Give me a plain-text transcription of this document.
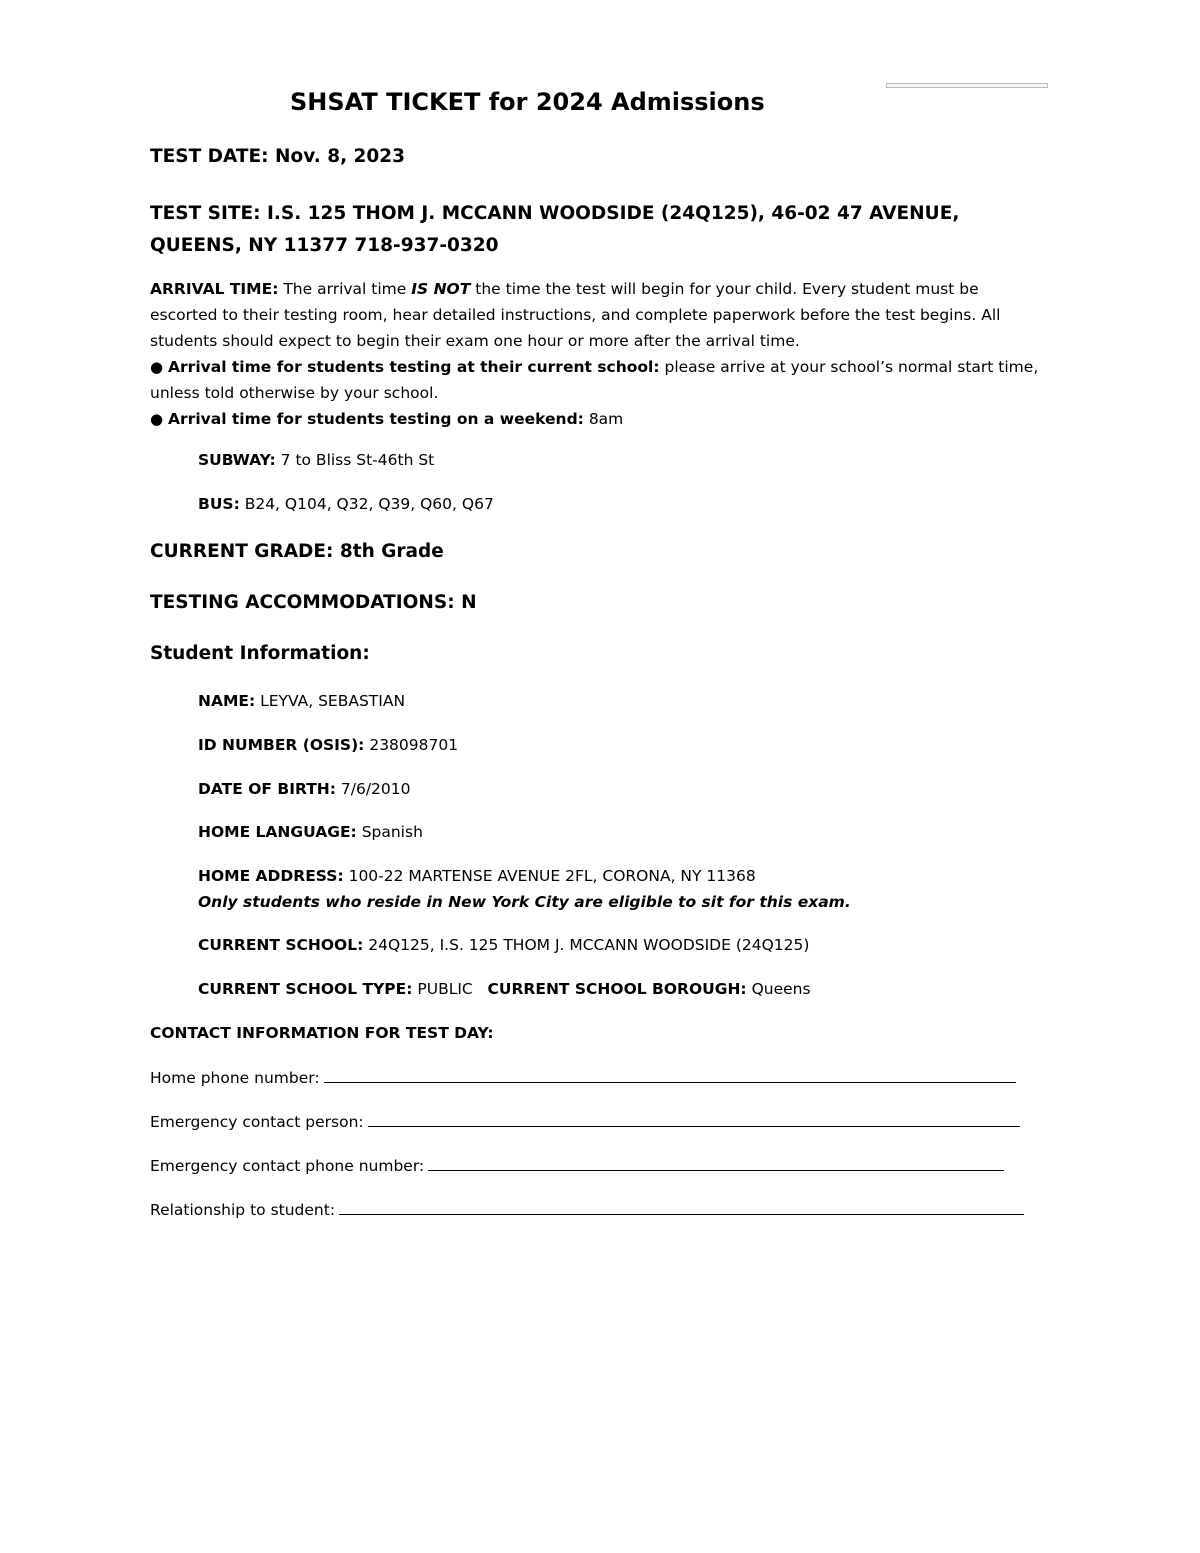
SHSAT TICKET for 2024 Admissions
TEST DATE: Nov. 8, 2023
TEST SITE: I.S. 125 THOM J. MCCANN WOODSIDE (24Q125), 46-02 47 AVENUE, QUEENS, NY 11377 718-937-0320
ARRIVAL TIME: The arrival time IS NOT the time the test will begin for your child. Every student must be escorted to their testing room, hear detailed instructions, and complete paperwork before the test begins. All students should expect to begin their exam one hour or more after the arrival time.
● Arrival time for students testing at their current school: please arrive at your school’s normal start time, unless told otherwise by your school.
● Arrival time for students testing on a weekend: 8am
SUBWAY: 7 to Bliss St-46th St
BUS: B24, Q104, Q32, Q39, Q60, Q67
CURRENT GRADE: 8th Grade
TESTING ACCOMMODATIONS: N
Student Information:
NAME: LEYVA, SEBASTIAN
ID NUMBER (OSIS): 238098701
DATE OF BIRTH: 7/6/2010
HOME LANGUAGE: Spanish
HOME ADDRESS: 100-22 MARTENSE AVENUE 2FL, CORONA, NY 11368
Only students who reside in New York City are eligible to sit for this exam.
CURRENT SCHOOL: 24Q125, I.S. 125 THOM J. MCCANN WOODSIDE (24Q125)
CURRENT SCHOOL TYPE: PUBLIC CURRENT SCHOOL BOROUGH: Queens
CONTACT INFORMATION FOR TEST DAY:
Home phone number:
Emergency contact person:
Emergency contact phone number:
Relationship to student:
